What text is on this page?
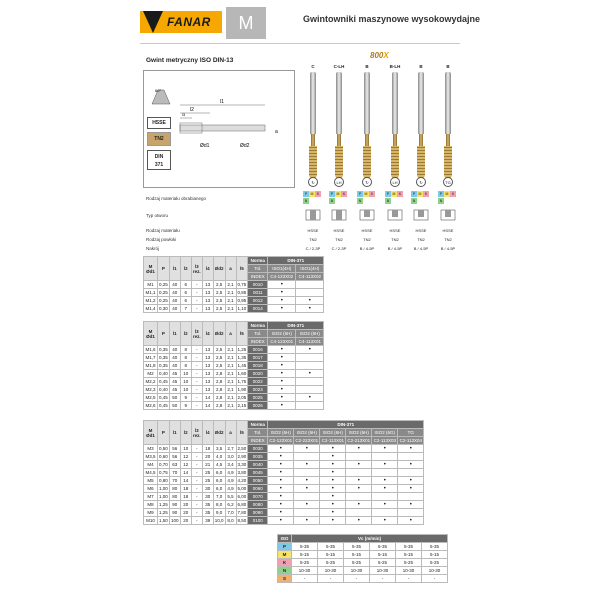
FANAR	M	Gwintowniki maszynowe wysokowydajne
Gwint metryczny ISO DIN-13
800X
l1
l2
l3
Ød2
Ød1
a
60°
HSSE
TN2
DIN
371
C
↻
C-LH
LH
B
↻
B-LH
LH
B
↻
B
TG
Rodzaj materiału obrabianego
Typ otworu
Rodzaj materiału
Rodzaj powłoki
Nakrój
P M K
N
HSSE
TN2
C / 2-3P
P M K
N
HSSE
TN2
C / 2-3P
P M K
N
HSSE
TN2
B / 4-5P
P M K
N
HSSE
TN2
B / 4-5P
P M K
N
HSSE
TN2
B / 4-5P
P M K
N
HSSE
TN2
B / 4-5P
M
Ød1	P	l1	l2	l3
rez.	l4	Ød2	a	l5	Norma	DIN-371	
									Tol.	ISO1(4H)	ISO1(4H)
									INDEX	C4-123X02	C4-113X02
M1	0,25	40	6	-	13	2,5	2,1	0,75	0010	•	
M1,1	0,25	40	6	-	13	2,5	2,1	0,85	0011	•	
M1,2	0,25	40	6	-	13	2,5	2,1	0,95	0012	•	•
M1,4	0,30	40	7	-	13	2,5	2,1	1,10	0014	•	•
M
Ød1	P	l1	l2	l3
rez.	l4	Ød2	a	l5	Norma	DIN-371	
									Tol.	ISO2 (6H)	ISO2 (6H)
									INDEX	C4-123X01	C4-113X01
M1,6	0,35	40	8	-	13	2,5	2,1	1,25	0016	•	•
M1,7	0,35	40	8	-	13	2,5	2,1	1,35	0017	•	
M1,8	0,35	40	8	-	13	2,5	2,1	1,45	0018	•	
M2	0,40	45	10	-	13	2,8	2,1	1,60	0020	•	•
M2,2	0,45	45	10	-	13	2,8	2,1	1,75	0022	•	
M2,3	0,40	45	10	-	13	2,8	2,1	1,90	0023	•	
M2,5	0,45	50	9	-	14	2,8	2,1	2,05	0025	•	•
M2,6	0,45	50	9	-	14	2,8	2,1	2,15	0026	•	
M
Ød1	P	l1	l2	l3
rez.	l4	Ød2	a	l5	Norma	DIN-371					
									Tol.	ISO2 (6H)	ISO2 (6H)	ISO2 (6H)	ISO2 (6H)	ISO2 (6G)	TG
									INDEX	C2-123X01	C2-223X01	C2-113X01	C2-213X01	C2-113X03	C2-113X04
M3	0,50	56	10	-	18	3,5	2,7	2,50	0030	•	•	•	•	•	•
M3,5	0,60	56	12	-	20	4,0	3,0	2,90	0035	•		•			
M4	0,70	63	12	-	21	4,5	3,4	3,30	0040	•	•	•	•	•	•
M4,5	0,75	70	14	-	25	6,0	4,9	3,80	0045	•		•			
M5	0,80	70	14	-	25	6,0	4,9	4,20	0050	•	•	•	•	•	•
M6	1,00	80	18	-	30	6,0	4,9	5,00	0060	•	•	•	•	•	•
M7	1,00	80	18	-	30	7,0	5,5	6,00	0070	•		•			
M8	1,25	90	20	-	35	8,0	6,2	6,80	0080	•	•	•	•	•	•
M9	1,25	90	20	-	35	9,0	7,0	7,80	0090	•		•			
M10	1,50	100	20	-	39	10,0	8,0	8,50	0100	•	•	•	•	•	•
ISO	Vc (m/min)					
P	5-35	5-35	5-35	5-35	5-35	5-35
M	5-15	5-15	5-15	5-15	5-15	5-15
K	5-25	5-25	5-25	5-25	5-25	5-25
N	10-30	10-30	10-30	10-30	10-30	10-30
S	-	-	-	-	-	-
